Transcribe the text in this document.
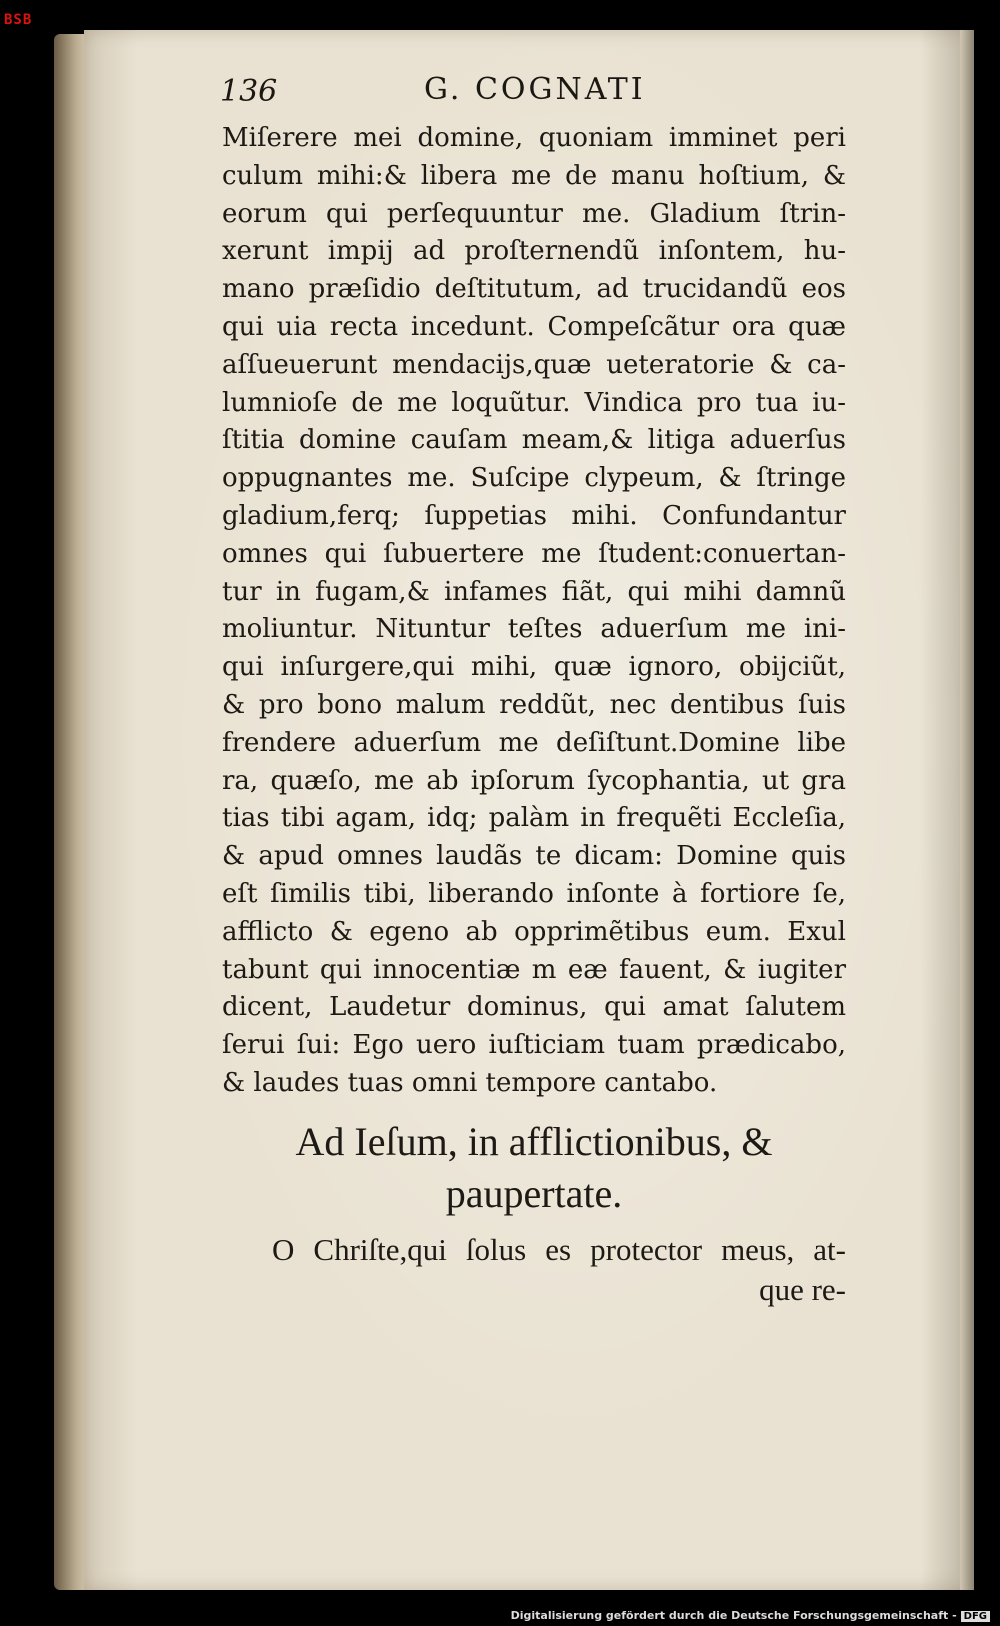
BSB
136	G. COGNATI
Miſerere mei domine, quoniam imminet peri
culum mihi:& libera me de manu hoſtium, &
eorum qui perſequuntur me. Gladium ſtrin-
xerunt impij ad proſternendũ inſontem, hu-
mano præſidio deſtitutum, ad trucidandũ eos
qui uia recta incedunt. Compeſcãtur ora quæ
aſſueuerunt mendacijs,quæ ueteratorie & ca-
lumnioſe de me loquũtur. Vindica pro tua iu-
ſtitia domine cauſam meam,& litiga aduerſus
oppugnantes me. Suſcipe clypeum, & ſtringe
gladium,ferq; ſuppetias mihi. Confundantur
omnes qui ſubuertere me ſtudent:conuertan-
tur in fugam,& infames fiãt, qui mihi damnũ
moliuntur. Nituntur teſtes aduerſum me ini-
qui inſurgere,qui mihi, quæ ignoro, obijciũt,
& pro bono malum reddũt, nec dentibus ſuis
frendere aduerſum me deſiſtunt.Domine libe
ra, quæſo, me ab ipſorum ſycophantia, ut gra
tias tibi agam, idq; palàm in frequẽti Eccleſia,
& apud omnes laudãs te dicam: Domine quis
eſt ſimilis tibi, liberando inſonte à fortiore ſe,
afflicto & egeno ab opprimẽtibus eum. Exul
tabunt qui innocentiæ m eæ fauent, & iugiter
dicent, Laudetur dominus, qui amat ſalutem
ſerui ſui: Ego uero iuſticiam tuam prædicabo,
& laudes tuas omni tempore cantabo.
Ad Ieſum, in afflictionibus, &
paupertate.
O Chriſte,qui ſolus es protector meus, at-
que re-
Digitalisierung gefördert durch die Deutsche Forschungsgemeinschaft - DFG
